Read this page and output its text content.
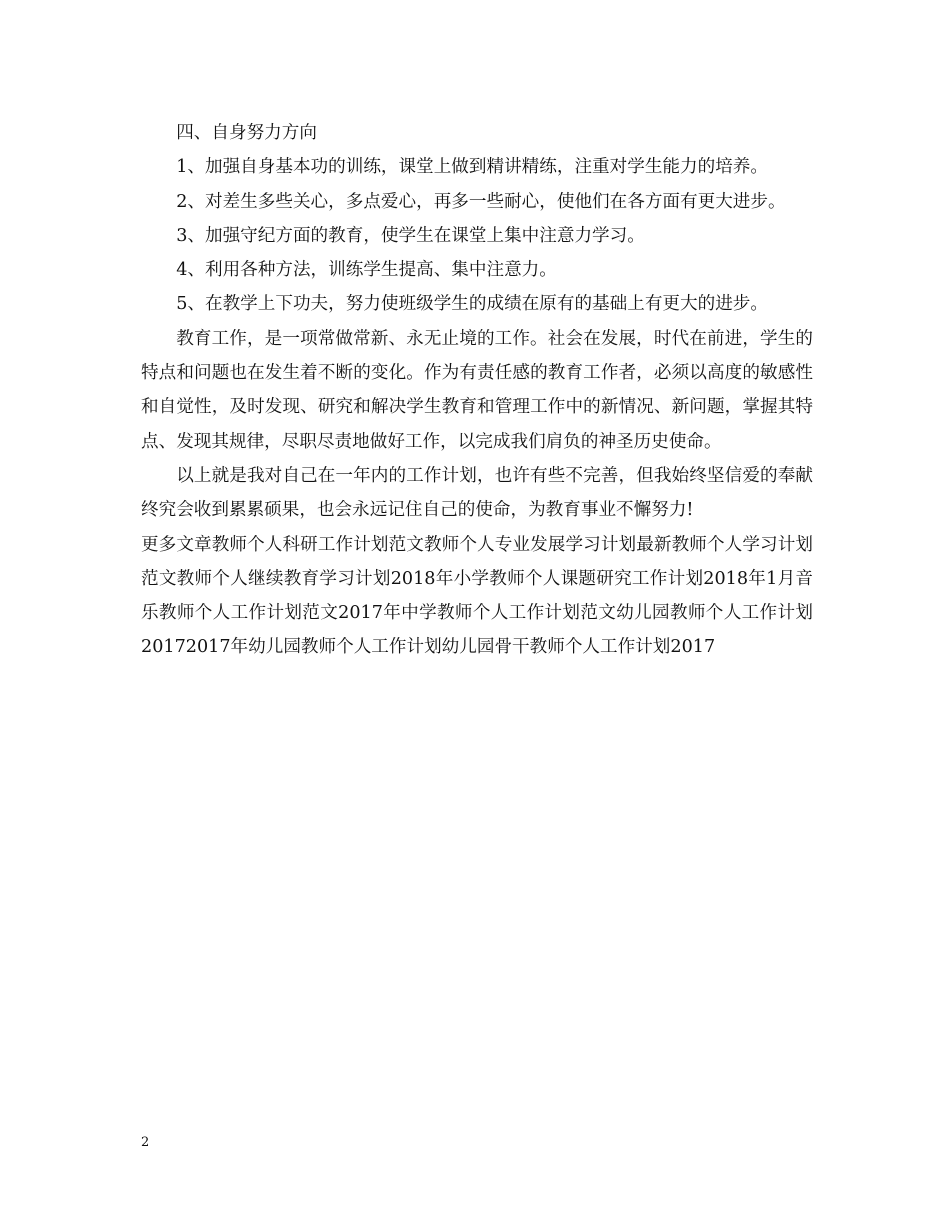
四、自身努力方向

1、加强自身基本功的训练，课堂上做到精讲精练，注重对学生能力的培养。

2、对差生多些关心，多点爱心，再多一些耐心，使他们在各方面有更大进步。

3、加强守纪方面的教育，使学生在课堂上集中注意力学习。

4、利用各种方法，训练学生提高、集中注意力。

5、在教学上下功夫，努力使班级学生的成绩在原有的基础上有更大的进步。

教育工作，是一项常做常新、永无止境的工作。社会在发展，时代在前进，学生的特点和问题也在发生着不断的变化。作为有责任感的教育工作者，必须以高度的敏感性和自觉性，及时发现、研究和解决学生教育和管理工作中的新情况、新问题，掌握其特点、发现其规律，尽职尽责地做好工作，以完成我们肩负的神圣历史使命。

以上就是我对自己在一年内的工作计划，也许有些不完善，但我始终坚信爱的奉献终究会收到累累硕果，也会永远记住自己的使命，为教育事业不懈努力!

更多文章教师个人科研工作计划范文教师个人专业发展学习计划最新教师个人学习计划范文教师个人继续教育学习计划2018年小学教师个人课题研究工作计划2018年1月音乐教师个人工作计划范文2017年中学教师个人工作计划范文幼儿园教师个人工作计划20172017年幼儿园教师个人工作计划幼儿园骨干教师个人工作计划2017

2
